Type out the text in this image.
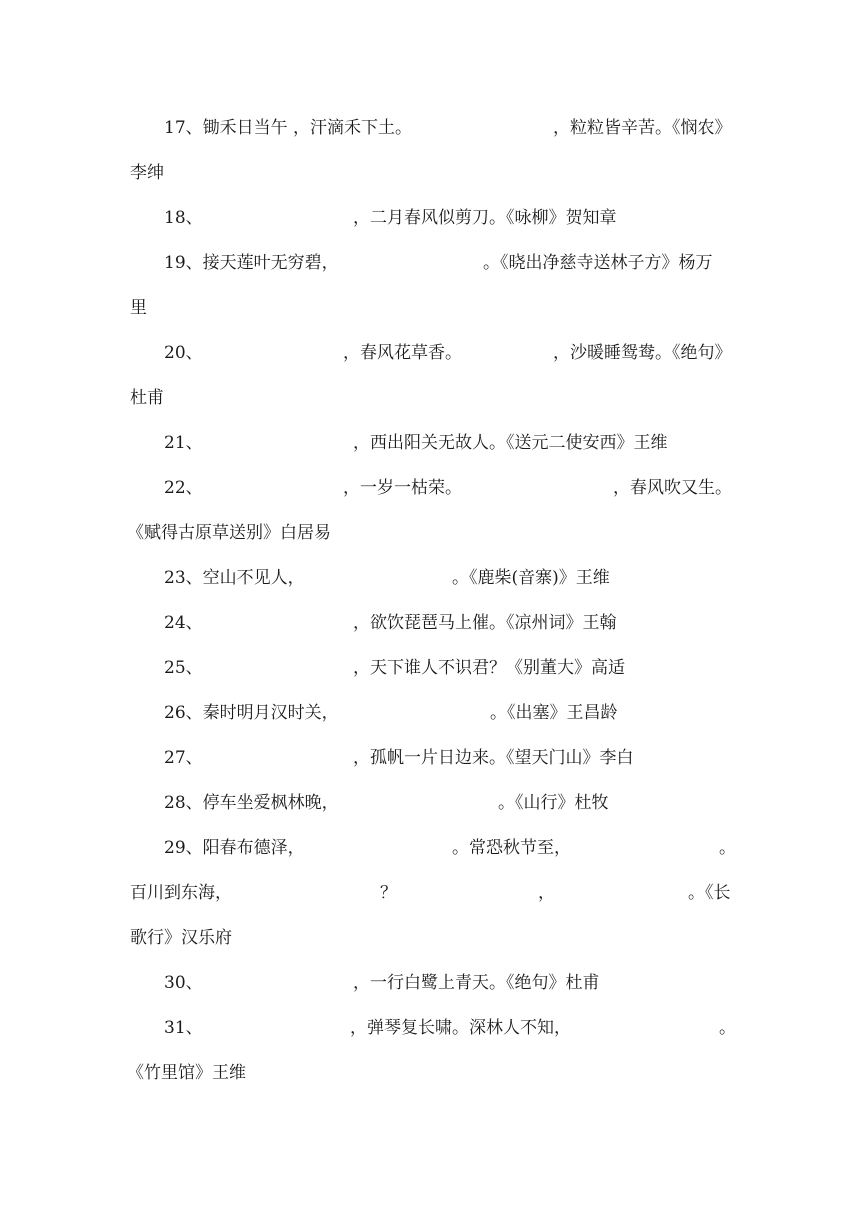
17、锄禾日当午 ，汗滴禾下土。	，粒粒皆辛苦。《悯农》
李绅
18、	，二月春风似剪刀。《咏柳》贺知章
19、接天莲叶无穷碧，	。《晓出净慈寺送林子方》杨万
里
20、	，春风花草香。	，沙暖睡鸳鸯。《绝句》
杜甫
21、	，西出阳关无故人。《送元二使安西》王维
22、	，一岁一枯荣。	，春风吹又生。
《赋得古原草送别》白居易
23、空山不见人，	。《鹿柴(音寨)》王维
24、	，欲饮琵琶马上催。《凉州词》王翰
25、	，天下谁人不识君？《别董大》高适
26、秦时明月汉时关，	。《出塞》王昌龄
27、	，孤帆一片日边来。《望天门山》李白
28、停车坐爱枫林晚，	。《山行》杜牧
29、阳春布德泽，	。常恐秋节至，	。
百川到东海，	？	，	。《长
歌行》汉乐府
30、	，一行白鹭上青天。《绝句》杜甫
31、	，弹琴复长啸。深林人不知，	。
《竹里馆》王维
